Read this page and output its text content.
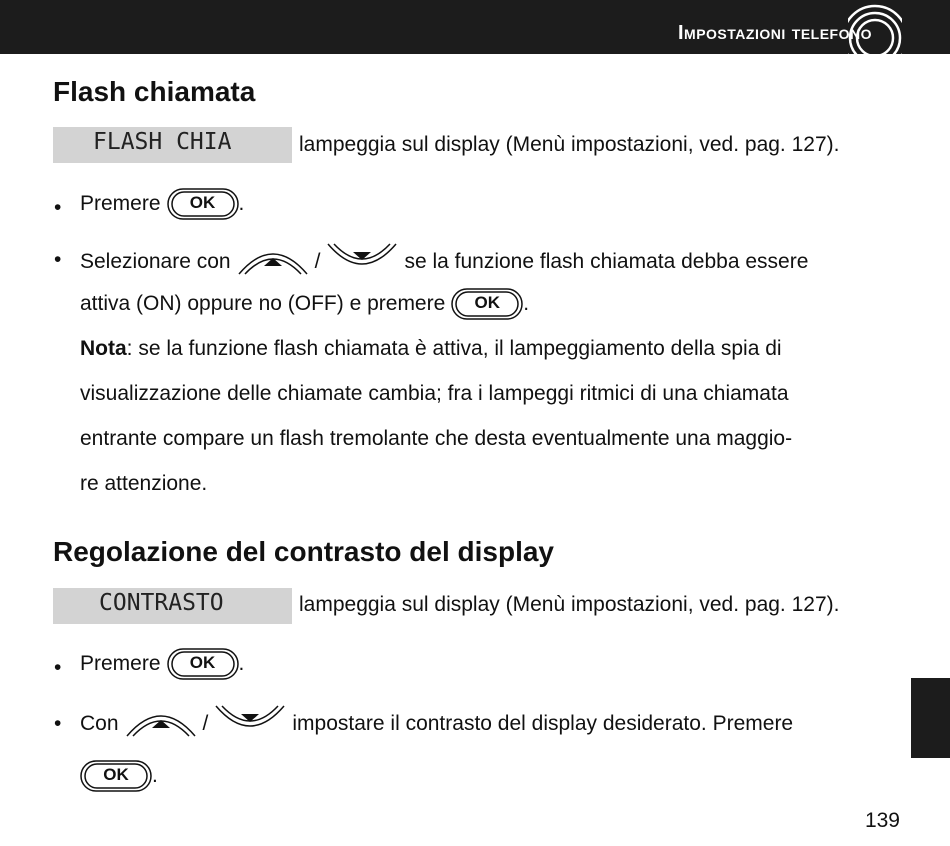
Impostazioni telefono
Flash chiamata
FLASH CHIA	lampeggia sul display (Menù impostazioni, ved. pag. 127).
• Premere	OK	.
• Selezionare con	/	se la funzione flash chiamata debba essere
attiva (ON) oppure no (OFF) e premere	OK	.
Nota : se la funzione flash chiamata è attiva, il lampeggiamento della spia di
visualizzazione delle chiamate cambia; fra i lampeggi ritmici di una chiamata
entrante compare un flash tremolante che desta eventualmente una maggio-
re attenzione.
Regolazione del contrasto del display
CONTRASTO	lampeggia sul display (Menù impostazioni, ved. pag. 127).
• Premere	OK	.
• Con	/	impostare il contrasto del display desiderato. Premere
OK	.
139
